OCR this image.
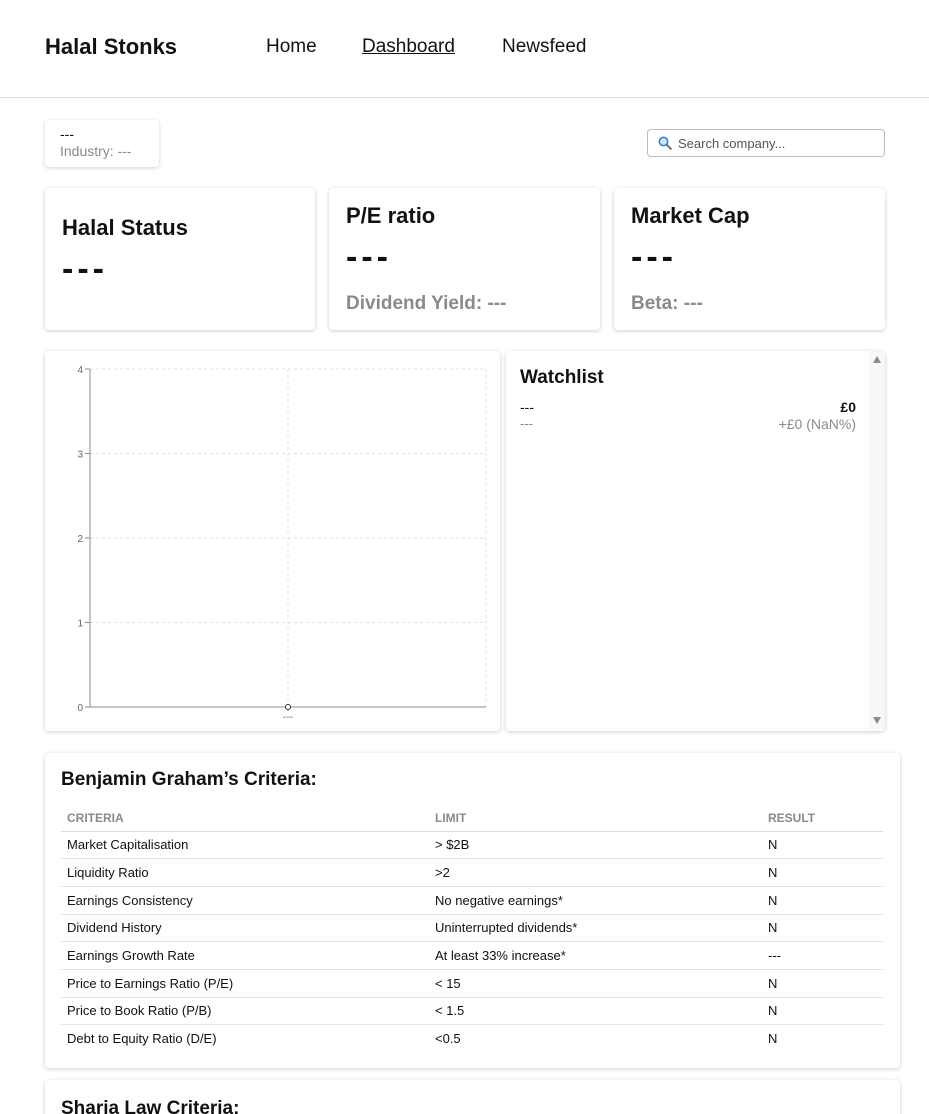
Halal Stonks	Home Dashboard Newsfeed
---
Industry: ---
Search company...
Halal Status
---
P/E ratio
---
Dividend Yield: ---
Market Cap
---
Beta: ---
0
1
2
3
4
---
Watchlist
---
---
£0
+£0 (NaN%)
Benjamin Graham’s Criteria:
CRITERIA	LIMIT	RESULT
Market Capitalisation	> $2B	N
Liquidity Ratio	>2	N
Earnings Consistency	No negative earnings*	N
Dividend History	Uninterrupted dividends*	N
Earnings Growth Rate	At least 33% increase*	---
Price to Earnings Ratio (P/E)	< 15	N
Price to Book Ratio (P/B)	< 1.5	N
Debt to Equity Ratio (D/E)	<0.5	N
Sharia Law Criteria:
